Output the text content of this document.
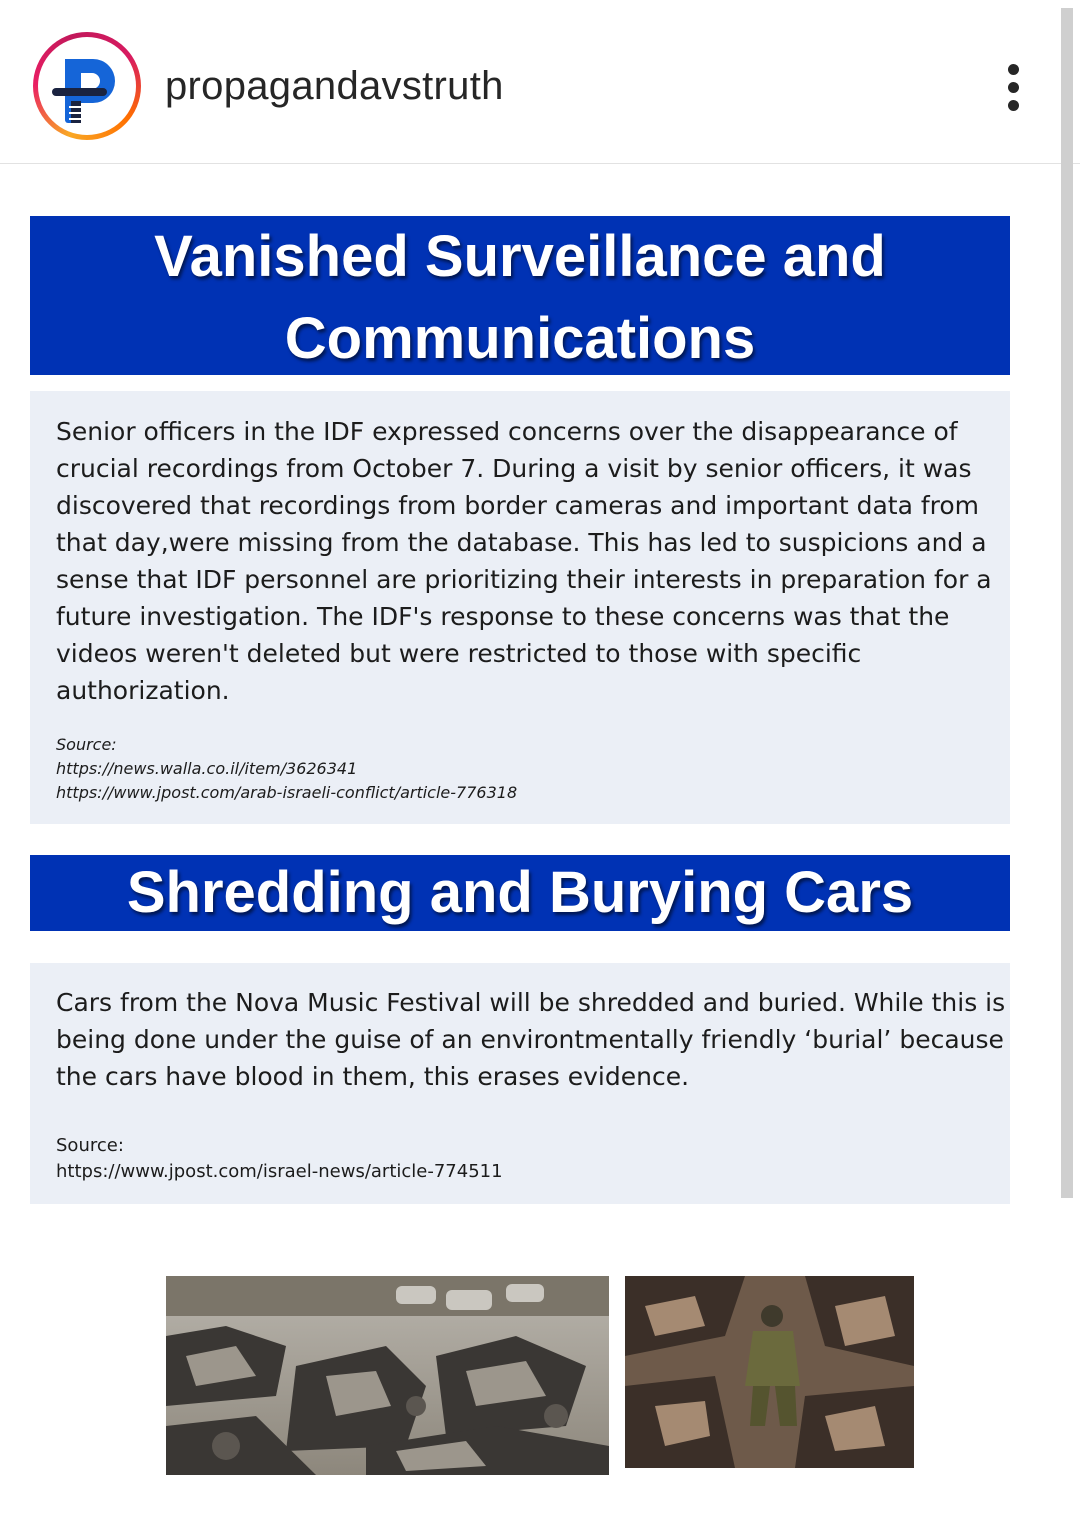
propagandavstruth
Vanished Surveillance and
Communications

Senior officers in the IDF expressed concerns over the disappearance of crucial recordings from October 7. During a visit by senior officers, it was discovered that recordings from border cameras and important data from that day,were missing from the database. This has led to suspicions and a sense that IDF personnel are prioritizing their interests in preparation for a future investigation. The IDF's response to these concerns was that the videos weren't deleted but were restricted to those with specific authorization.

Source:
https://news.walla.co.il/item/3626341
https://www.jpost.com/arab-israeli-conflict/article-776318
Shredding and Burying Cars

Cars from the Nova Music Festival will be shredded and buried. While this is being done under the guise of an environtmentally friendly ‘burial’ because the cars have blood in them, this erases evidence.

Source:
https://www.jpost.com/israel-news/article-774511
